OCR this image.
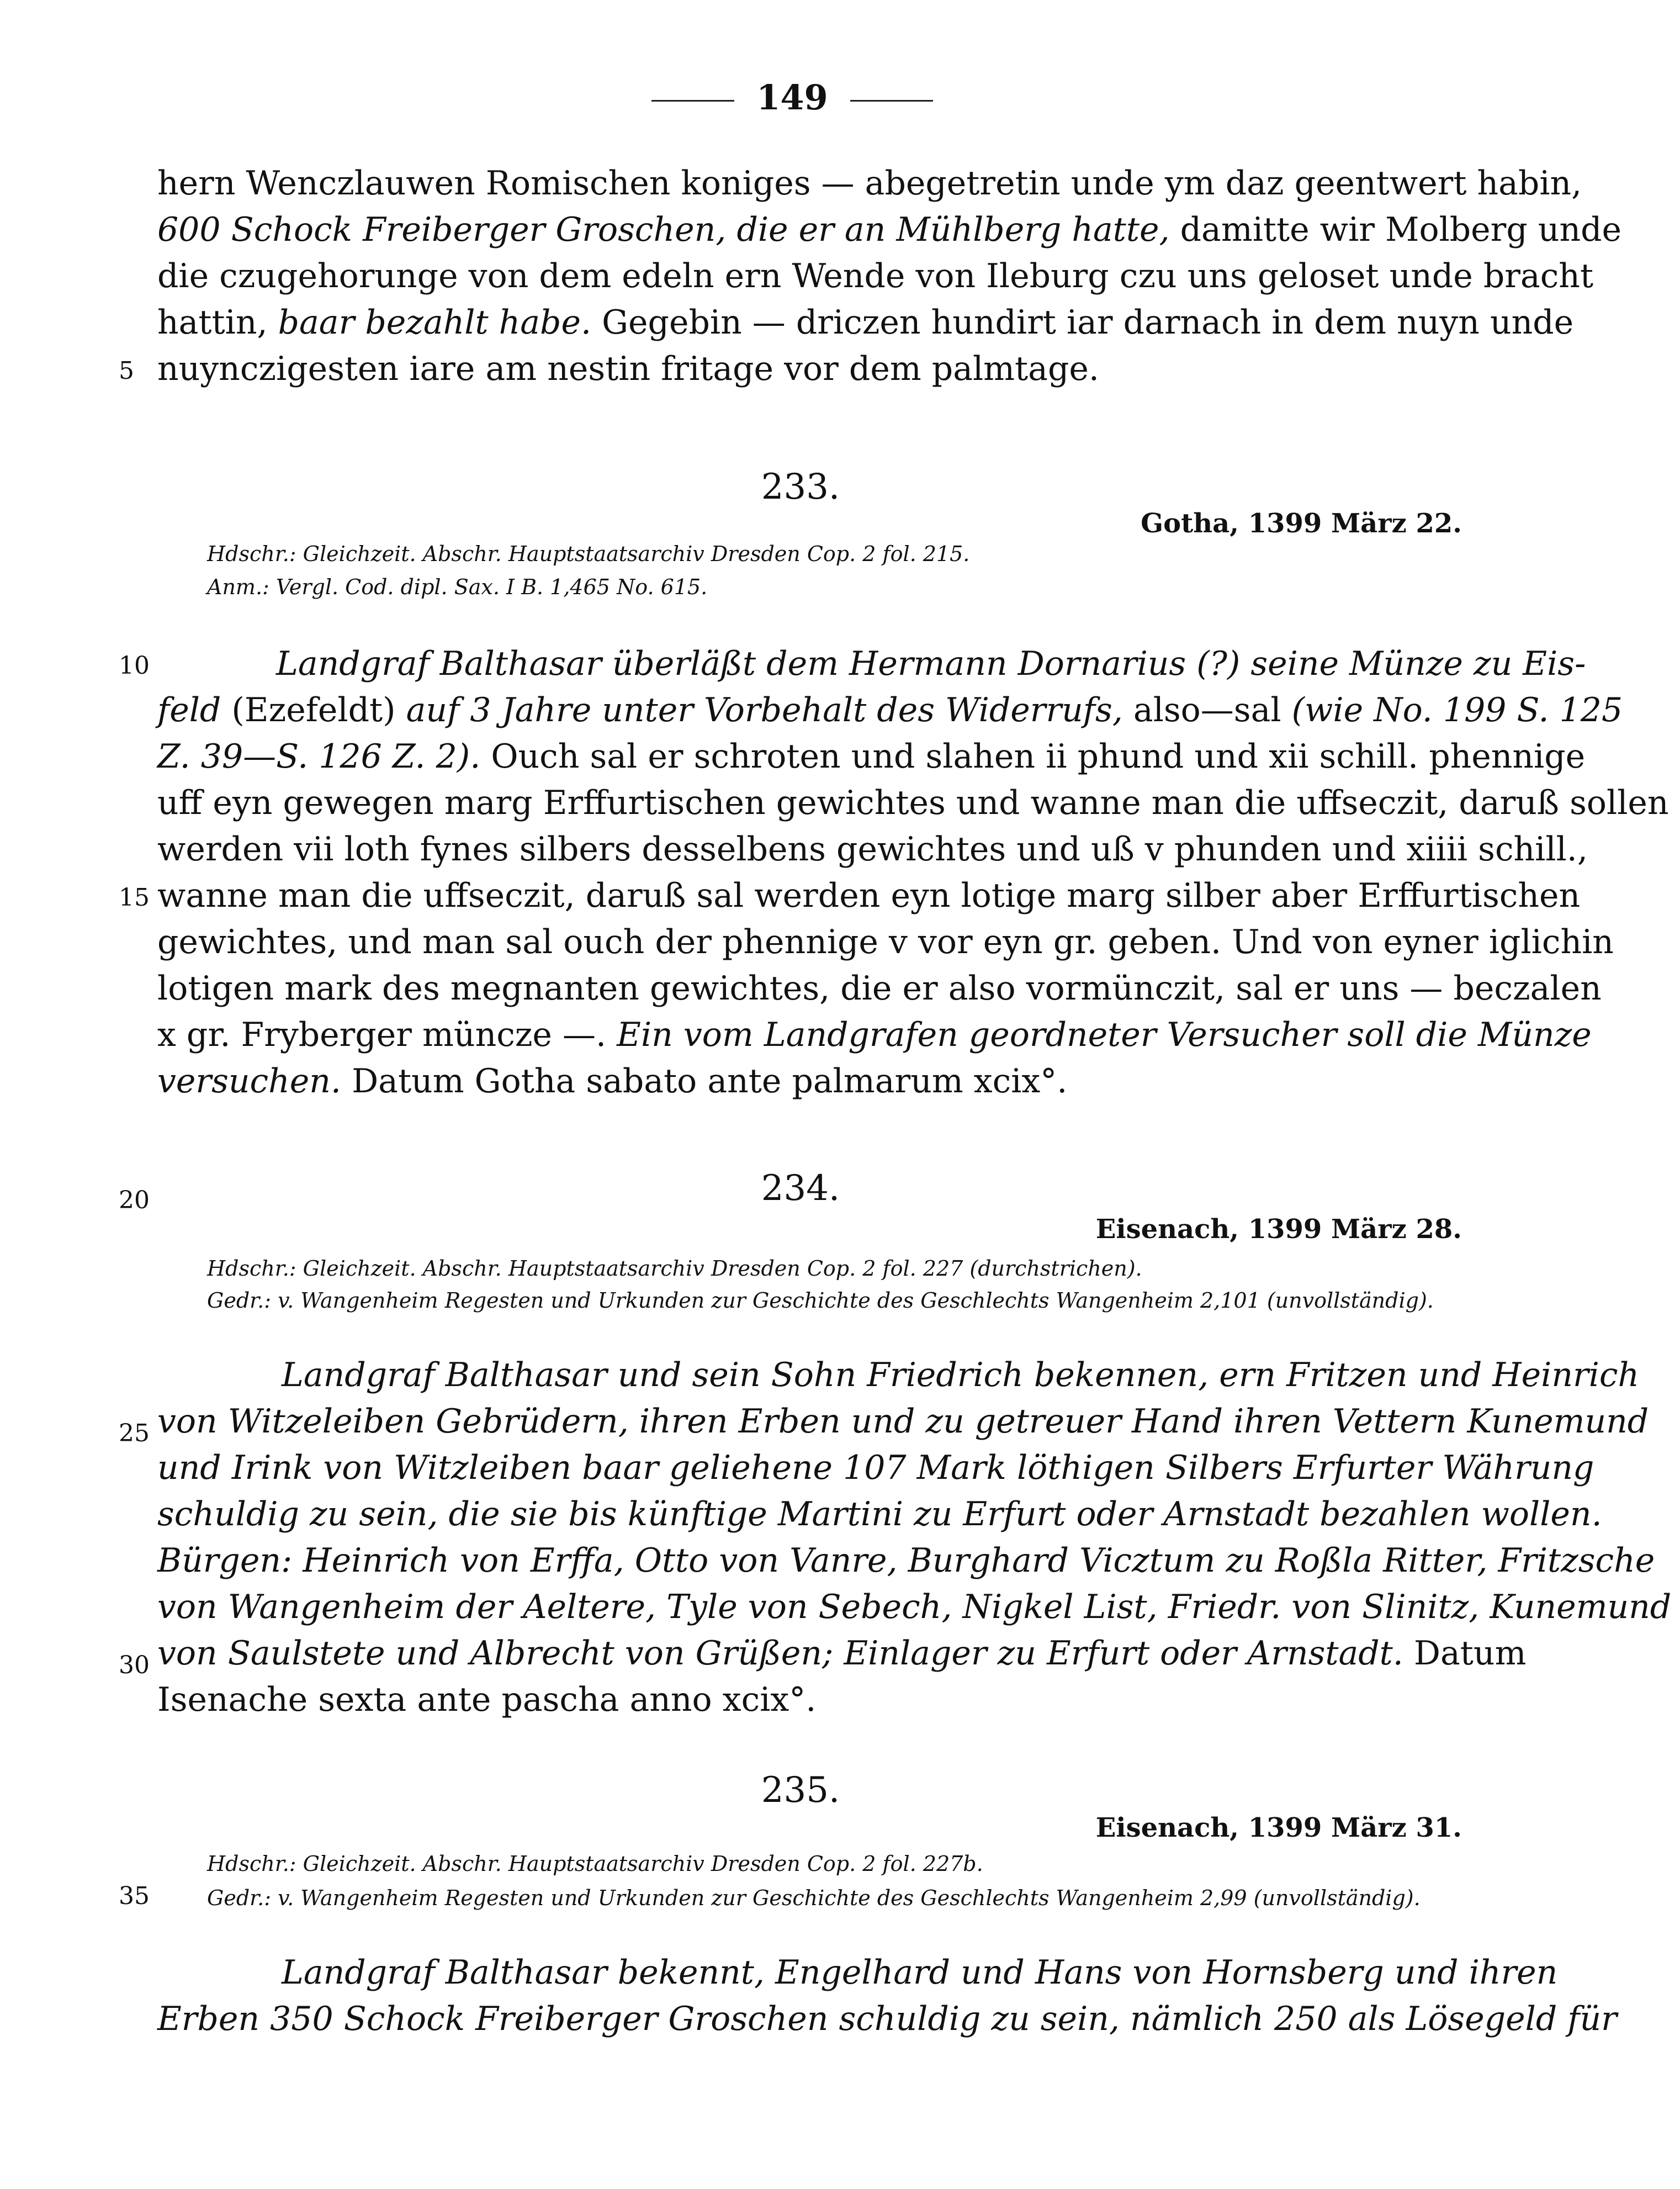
149
hern Wenczlauwen Romischen koniges — abegetretin unde ym daz geentwert habin,
600 Schock Freiberger Groschen, die er an Mühlberg hatte, damitte wir Molberg unde
die czugehorunge von dem edeln ern Wende von Ileburg czu uns geloset unde bracht
hattin, baar bezahlt habe. Gegebin — driczen hundirt iar darnach in dem nuyn unde
nuynczigesten iare am nestin fritage vor dem palmtage.
5
10
15
20
25
30
35
233.
Gotha, 1399 März 22.
Hdschr.: Gleichzeit. Abschr. Hauptstaatsarchiv Dresden Cop. 2 fol. 215.
Anm.: Vergl. Cod. dipl. Sax. I B. 1,465 No. 615.
Landgraf Balthasar überläßt dem Hermann Dornarius (?) seine Münze zu Eis-
feld (Ezefeldt) auf 3 Jahre unter Vorbehalt des Widerrufs, also—sal (wie No. 199 S. 125
Z. 39—S. 126 Z. 2). Ouch sal er schroten und slahen ii phund und xii schill. phennige
uff eyn gewegen marg Erffurtischen gewichtes und wanne man die uffseczit, daruß sollen
werden vii loth fynes silbers desselbens gewichtes und uß v phunden und xiiii schill.,
wanne man die uffseczit, daruß sal werden eyn lotige marg silber aber Erffurtischen
gewichtes, und man sal ouch der phennige v vor eyn gr. geben. Und von eyner iglichin
lotigen mark des megnanten gewichtes, die er also vormünczit, sal er uns — beczalen
x gr. Fryberger müncze —. Ein vom Landgrafen geordneter Versucher soll die Münze
versuchen. Datum Gotha sabato ante palmarum xcix°.
234.
Eisenach, 1399 März 28.
Hdschr.: Gleichzeit. Abschr. Hauptstaatsarchiv Dresden Cop. 2 fol. 227 (durchstrichen).
Gedr.: v. Wangenheim Regesten und Urkunden zur Geschichte des Geschlechts Wangenheim 2,101 (unvollständig).
Landgraf Balthasar und sein Sohn Friedrich bekennen, ern Fritzen und Heinrich
von Witzeleiben Gebrüdern, ihren Erben und zu getreuer Hand ihren Vettern Kunemund
und Irink von Witzleiben baar geliehene 107 Mark löthigen Silbers Erfurter Währung
schuldig zu sein, die sie bis künftige Martini zu Erfurt oder Arnstadt bezahlen wollen.
Bürgen: Heinrich von Erffa, Otto von Vanre, Burghard Vicztum zu Roßla Ritter, Fritzsche
von Wangenheim der Aeltere, Tyle von Sebech, Nigkel List, Friedr. von Slinitz, Kunemund
von Saulstete und Albrecht von Grüßen; Einlager zu Erfurt oder Arnstadt. Datum
Isenache sexta ante pascha anno xcix°.
235.
Eisenach, 1399 März 31.
Hdschr.: Gleichzeit. Abschr. Hauptstaatsarchiv Dresden Cop. 2 fol. 227b.
Gedr.: v. Wangenheim Regesten und Urkunden zur Geschichte des Geschlechts Wangenheim 2,99 (unvollständig).
Landgraf Balthasar bekennt, Engelhard und Hans von Hornsberg und ihren
Erben 350 Schock Freiberger Groschen schuldig zu sein, nämlich 250 als Lösegeld für
